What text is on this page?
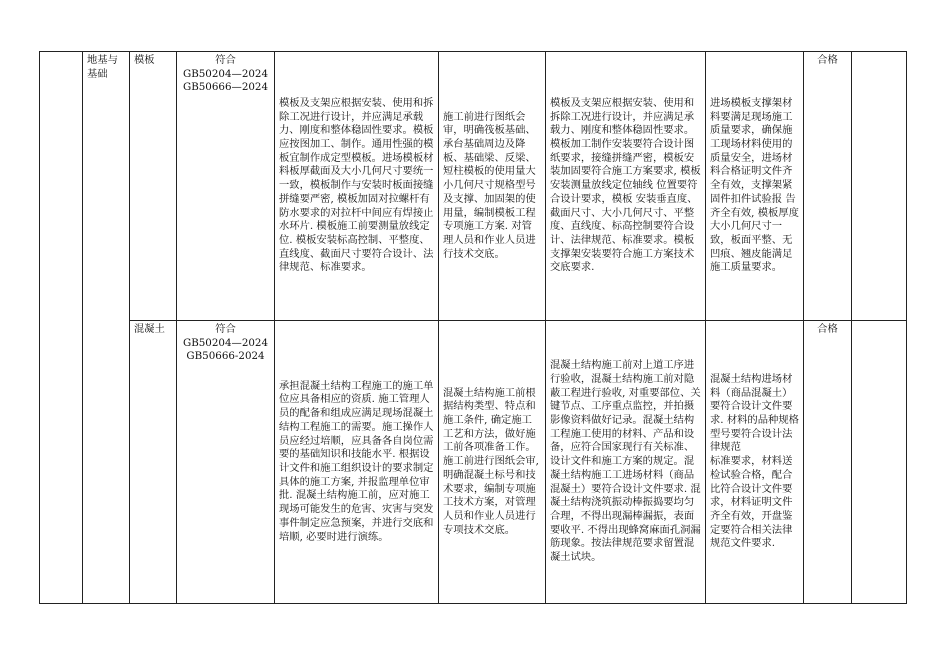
	地基与基础	模板	符合
GB50204—2024 GB50666—2024	模板及支架应根据安装、使用和拆除工况进行设计，并应满足承载力、刚度和整体稳固性要求。模板应按图加工、制作。通用性强的模板宜制作成定型模板。进场模板材料板厚截面及大小几何尺寸要统一一致，模板制作与安装时板面接缝拼缝要严密, 模板加固对拉螺杆有防水要求的对拉杆中间应有焊接止水环片. 模板施工前要测量放线定位. 模板安装标高控制、平整度、直线度、截面尺寸要符合设计、法律规范、标准要求。	施工前进行图纸会审，明确筏板基础、承台基础周边及降板、基础梁、反梁、短柱模板的使用量大小几何尺寸规格型号及支撑、加固架的使用量，编制模板工程专项施工方案. 对管理人员和作业人员进行技术交底。	模板及支架应根据安装、使用和拆除工况进行设计，并应满足承载力、刚度和整体稳固性要求。模板加工制作安装要符合设计图纸要求，接缝拼缝严密，模板安装加固要符合施工方案要求, 模板安装测量放线定位轴线 位置要符合设计要求，模板 安装垂直度、截面尺寸、大小几何尺寸、平整度、直线度、标高控制要符合设计、法律规范、标准要求。模板支撑架安装要符合施工方案技术交底要求.	进场模板支撑架材料要满足现场施工质量要求，确保施工现场材料使用的质量安全，进场材料合格证明文件齐全有效，支撑架紧 固件扣件试验报 告齐全有效, 模板厚度大小几何尺寸一致，板面平整、无凹痕、翘皮能满足施工质量要求。	合格	
		混凝土	符合
GB50204—2024 GB50666-2024	承担混凝土结构工程施工的施工单位应具备相应的资质. 施工管理人员的配备和组成应满足现场混凝土结构工程施工的需要。施工操作人员应经过培顺，应具备各自岗位需要的基础知识和技能水平. 根据设计文件和施工组织设计的要求制定具体的施工方案, 并报监理单位审批. 混凝土结构施工前，应对施工现场可能发生的危害、灾害与突发事件制定应急预案，并进行交底和培顺, 必要时进行演练。	混凝土结构施工前根据结构类型、特点和施工条件, 确定施工工艺和方法，做好施工前各项准备工作。施工前进行图纸会审, 明确混凝土标号和技术要求，编制专项施工技术方案，对管理人员和作业人员进行专项技术交底。	混凝土结构施工前对上道工序进行验收，混凝土结构施工前对隐蔽工程进行验收, 对重要部位、关键节点、工序重点监控，并拍摄影像资料做好记录。混凝土结构工程施工使用的材料、产品和设备，应符合国家现行有关标准、设计文件和施工方案的规定。混凝土结构施工工进场材料（商品混凝土）要符合设计文件要求. 混凝土结构浇筑振动棒振捣要均匀合理，不得出现漏棒漏振，表面要收平. 不得出现蜂窝麻面孔洞漏筋现象。按法律规范要求留置混凝土试块。	混凝土结构进场材料（商品混凝土）要符合设计文件要求. 材料的品种规格型号要符合设计法律规范
标准要求，材料送检试验合格，配合比符合设计文件要求，材料证明文件齐全有效，开盘鉴定要符合相关法律规范文件要求.	合格	
